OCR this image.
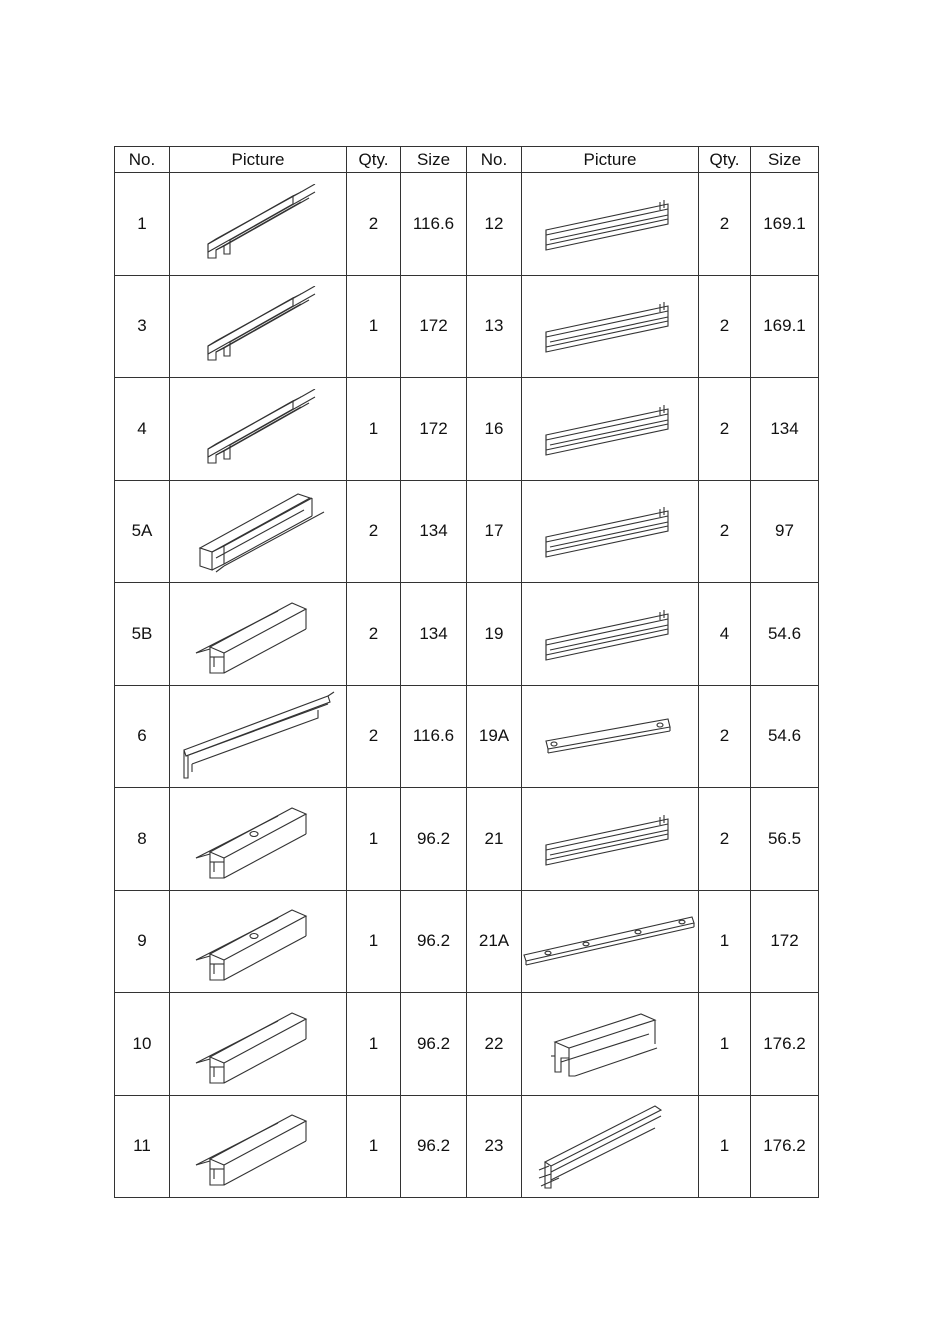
No.	Picture	Qty.	Size	No.	Picture	Qty.	Size
1		2	116.6	12		2	169.1
3		1	172	13		2	169.1
4		1	172	16		2	134
5A		2	134	17		2	97
5B		2	134	19		4	54.6
6		2	116.6	19A		2	54.6
8		1	96.2	21		2	56.5
9		1	96.2	21A		1	172
10		1	96.2	22		1	176.2
11		1	96.2	23		1	176.2
